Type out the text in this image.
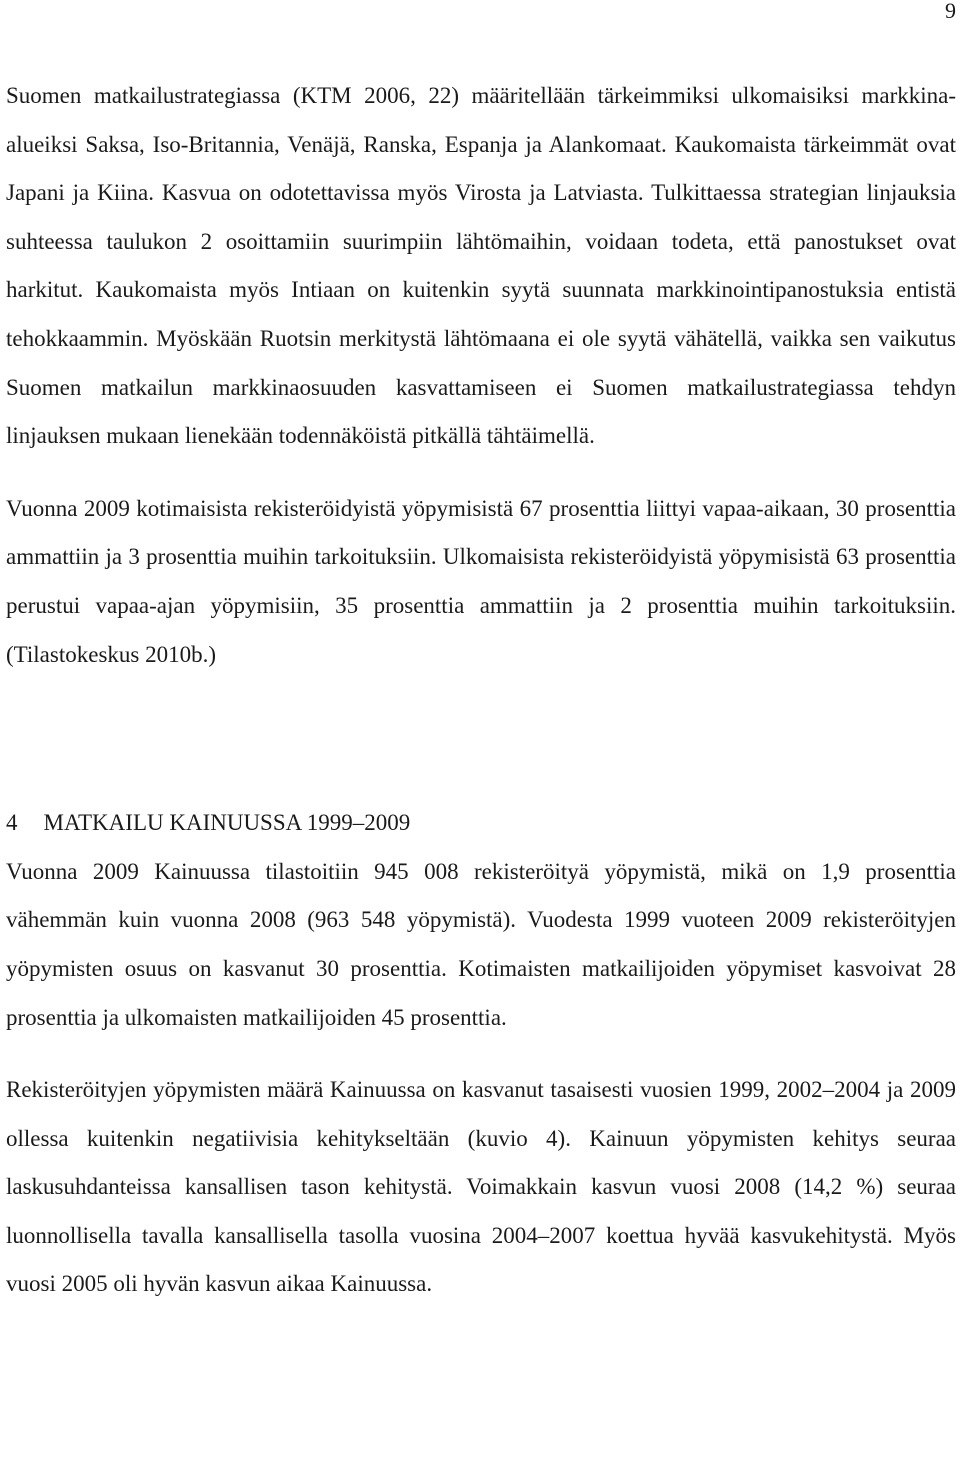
9

Suomen matkailustrategiassa (KTM 2006, 22) määritellään tärkeimmiksi ulkomaisiksi markkina-alueiksi Saksa, Iso-Britannia, Venäjä, Ranska, Espanja ja Alankomaat. Kaukomaista tärkeimmät ovat Japani ja Kiina. Kasvua on odotettavissa myös Virosta ja Latviasta. Tulkittaessa strategian linjauksia suhteessa taulukon 2 osoittamiin suurimpiin lähtömaihin, voidaan todeta, että panostukset ovat harkitut. Kaukomaista myös Intiaan on kuitenkin syytä suunnata markkinointipanostuksia entistä tehokkaammin. Myöskään Ruotsin merkitystä lähtömaana ei ole syytä vähätellä, vaikka sen vaikutus Suomen matkailun markkinaosuuden kasvattamiseen ei Suomen matkailustrategiassa tehdyn linjauksen mukaan lienekään todennäköistä pitkällä tähtäimellä.

Vuonna 2009 kotimaisista rekisteröidyistä yöpymisistä 67 prosenttia liittyi vapaa-aikaan, 30 prosenttia ammattiin ja 3 prosenttia muihin tarkoituksiin. Ulkomaisista rekisteröidyistä yöpymisistä 63 prosenttia perustui vapaa-ajan yöpymisiin, 35 prosenttia ammattiin ja 2 prosenttia muihin tarkoituksiin. (Tilastokeskus 2010b.)

4 MATKAILU KAINUUSSA 1999–2009

Vuonna 2009 Kainuussa tilastoitiin 945 008 rekisteröityä yöpymistä, mikä on 1,9 prosenttia vähemmän kuin vuonna 2008 (963 548 yöpymistä). Vuodesta 1999 vuoteen 2009 rekisteröityjen yöpymisten osuus on kasvanut 30 prosenttia. Kotimaisten matkailijoiden yöpymiset kasvoivat 28 prosenttia ja ulkomaisten matkailijoiden 45 prosenttia.

Rekisteröityjen yöpymisten määrä Kainuussa on kasvanut tasaisesti vuosien 1999, 2002–2004 ja 2009 ollessa kuitenkin negatiivisia kehitykseltään (kuvio 4). Kainuun yöpymisten kehitys seuraa laskusuhdanteissa kansallisen tason kehitystä. Voimakkain kasvun vuosi 2008 (14,2 %) seuraa luonnollisella tavalla kansallisella tasolla vuosina 2004–2007 koettua hyvää kasvukehitystä. Myös vuosi 2005 oli hyvän kasvun aikaa Kainuussa.
